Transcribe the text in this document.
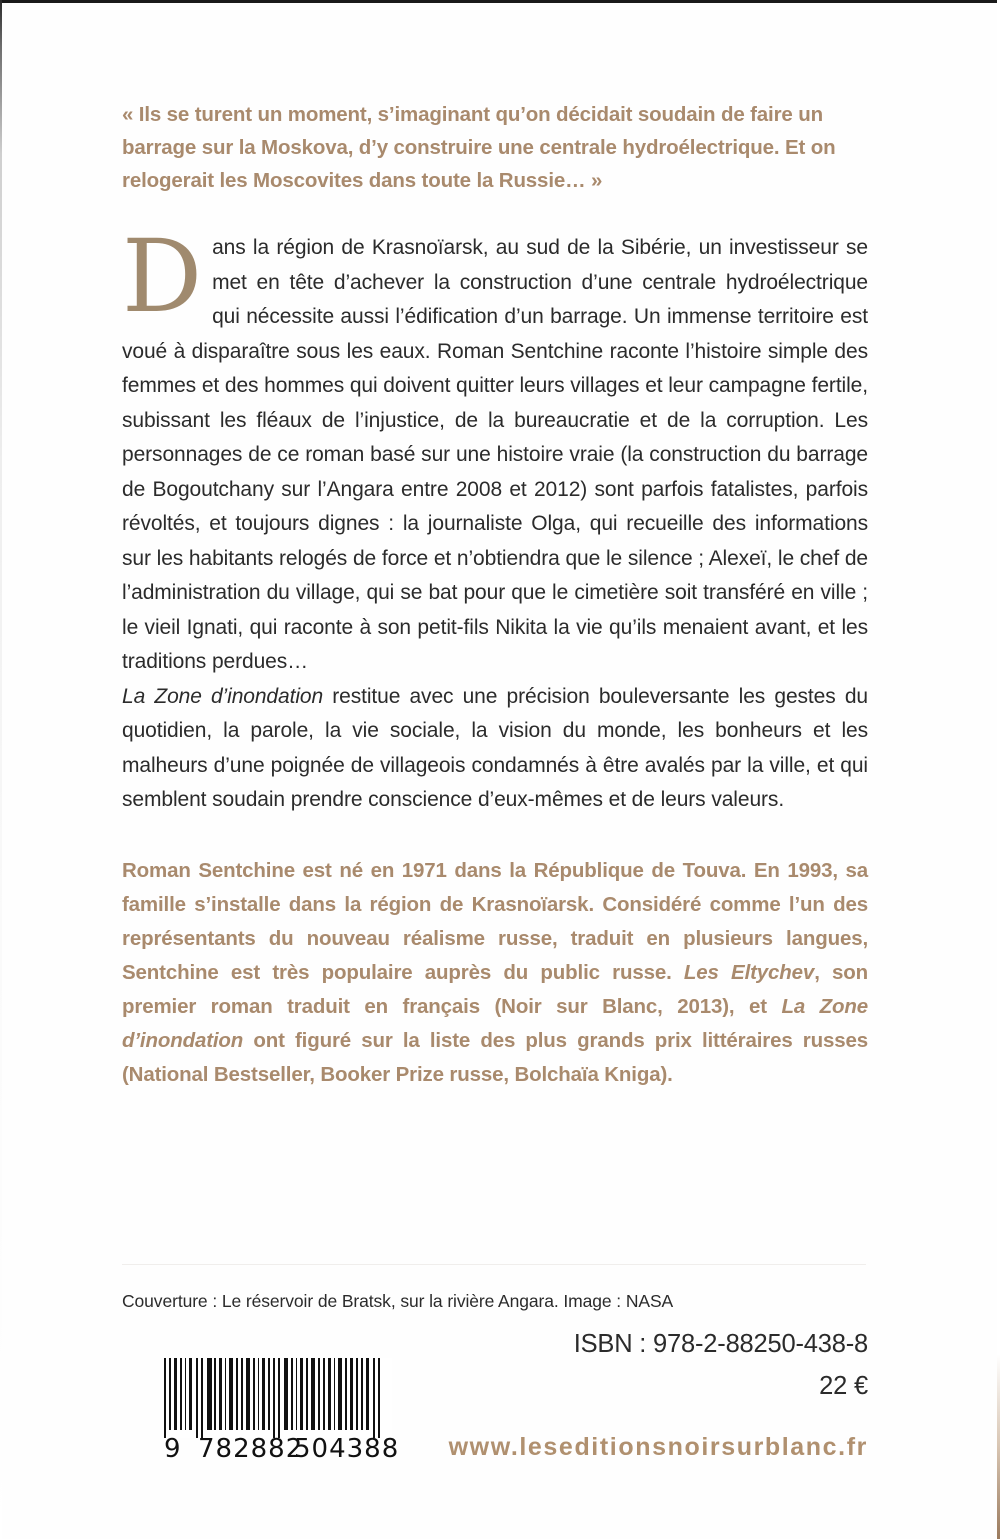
« Ils se turent un moment, s’imaginant qu’on décidait soudain de faire un barrage sur la Moskova, d’y construire une centrale hydroélectrique. Et on relogerait les Moscovites dans toute la Russie… »
Dans la région de Krasnoïarsk, au sud de la Sibérie, un investisseur se met en tête d’achever la construction d’une centrale hydroélectrique qui nécessite aussi l’édification d’un barrage. Un immense territoire est voué à disparaître sous les eaux. Roman Sentchine raconte l’histoire simple des femmes et des hommes qui doivent quitter leurs villages et leur campagne fertile, subissant les fléaux de l’injustice, de la bureaucratie et de la corruption. Les personnages de ce roman basé sur une histoire vraie (la construction du barrage de Bogoutchany sur l’Angara entre 2008 et 2012) sont parfois fatalistes, parfois révoltés, et toujours dignes : la journaliste Olga, qui recueille des informations sur les habitants relogés de force et n’obtiendra que le silence ; Alexeï, le chef de l’administration du village, qui se bat pour que le cimetière soit transféré en ville ; le vieil Ignati, qui raconte à son petit-fils Nikita la vie qu’ils menaient avant, et les traditions perdues…
La Zone d’inondation restitue avec une précision bouleversante les gestes du quotidien, la parole, la vie sociale, la vision du monde, les bonheurs et les malheurs d’une poignée de villageois condamnés à être avalés par la ville, et qui semblent soudain prendre conscience d’eux-mêmes et de leurs valeurs.
Roman Sentchine est né en 1971 dans la République de Touva. En 1993, sa famille s’installe dans la région de Krasnoïarsk. Considéré comme l’un des représentants du nouveau réalisme russe, traduit en plusieurs langues, Sentchine est très populaire auprès du public russe. Les Eltychev, son premier roman traduit en français (Noir sur Blanc, 2013), et La Zone d’inondation ont figuré sur la liste des plus grands prix littéraires russes (National Bestseller, Booker Prize russe, Bolchaïa Kniga).
Couverture : Le réservoir de Bratsk, sur la rivière Angara. Image : NASA
9 782882
504388
ISBN : 978-2-88250-438-8
22 €
www.leseditionsnoirsurblanc.fr
